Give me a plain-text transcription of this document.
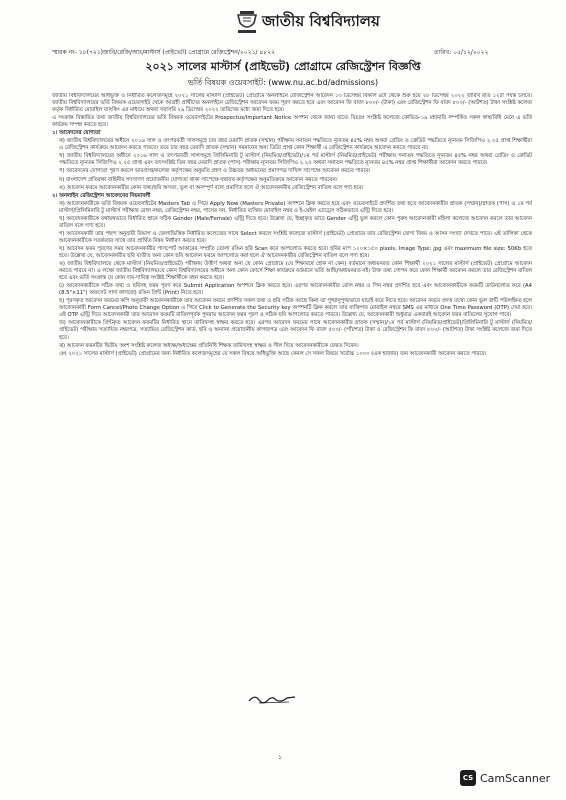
জাতীয় বিশ্ববিদ্যালয়
স্মারক নং- ১৮(৭২১)জাবি/রেজি/আঃ/মাস্টার্স (প্রাইভেট) প্রোগ্রামে রেজিস্ট্রেশন/২০২১/ ৪৮২২	তারিখ: ০৫/১২/২০২২
২০২১ সালের মাস্টার্স (প্রাইভেট) প্রোগ্রামে রেজিস্ট্রেশন বিজ্ঞপ্তি
ভর্তি বিষয়ক ওয়েবসাইট: (www.nu.ac.bd/admissions)

জাতীয় বিশ্ববিদ্যালয়ের অধিভুক্ত ও নির্ধারিত কলেজসমূহে ২০২১ সালের মাস্টার্স (প্রাইভেট) প্রোগ্রামে অনলাইনে রেজিস্ট্রেশন আবেদন ১৩ ডিসেম্বর বিকাল ৪টা থেকে শুরু হয়ে ২৮ ডিসেম্বর ২০২২ তারিখ রাত ১২টা পর্যন্ত চলবে। জাতীয় বিশ্ববিদ্যালয়ের ভর্তি বিষয়ক ওয়েবসাইট থেকে আগ্রহী প্রার্থীদের অনলাইনে রেজিস্ট্রেশন আবেদন ফরম পূরণ করতে হবে এবং আবেদন ফি বাবদ ৮০০/- (টাকা) এবং রেজিস্ট্রেশন ফি বাবদ ৮০০/- (আটশত) টাকা সংশ্লিষ্ট কলেজ কর্তৃক নির্ধারিত মোবাইল ব্যাংকিং এর মাধ্যমে অথবা সরাসরি ২৯ ডিসেম্বর ২০২২ তারিখের মধ্যে জমা দিতে হবে।

এ সংক্রান্ত বিস্তারিত তথ্য জাতীয় বিশ্ববিদ্যালয়ের ভর্তি বিষয়ক ওয়েবসাইটের Prospectus/Important Notice অপশন থেকে জানা যাবে। বিঃদ্রঃ সংশ্লিষ্ট কলেজে কোভিড-১৯ মহামারি সম্পর্কিত সকল স্বাস্থ্যবিধি মেনে এ ভর্তি কার্যক্রম সম্পন্ন করতে হবে।

১। আবেদনের যোগ্যতা

ক) জাতীয় বিশ্ববিদ্যালয়ের অধীনে ২০১৬ সাল ও তৎপরবর্তী সালসমূহে চার বছর মেয়াদি স্নাতক (সম্মান) পরীক্ষায় সনাতন পদ্ধতিতে ন্যূনতম ৪৫% নম্বর অথবা গ্রেডিং ও ক্রেডিট পদ্ধতিতে ন্যূনতম সিজিপিএ ২.২৫ প্রাপ্ত শিক্ষার্থীরা এ রেজিস্ট্রেশন কার্যক্রমে আবেদন করতে পারবে। তবে চার বছর মেয়াদি স্নাতক (সম্মান) সমমানের অন্য ডিগ্রি প্রাপ্ত কোন শিক্ষার্থী এ রেজিস্ট্রেশন কার্যক্রমে আবেদন করতে পারবে না।

খ) জাতীয় বিশ্ববিদ্যালয়ের অধীনে ২০১৬ সাল ও তৎপরবর্তী সালসমূহে প্রিলিমিনারি টু মাস্টার্স (নিয়মিত/প্রাইভেট)/১ম পর্ব মাস্টার্স (নিয়মিত/প্রাইভেট) পরীক্ষায় সনাতন পদ্ধতিতে ন্যূনতম ৪৫% নম্বর অথবা গ্রেডিং ও ক্রেডিট পদ্ধতিতে ন্যূনতম সিজিপিএ ২.২৫ প্রাপ্ত এবং তৎসংশ্লিষ্ট তিন বছর মেয়াদি স্নাতক (পাস) পরীক্ষায় ন্যূনতম সিজিপিএ ২.২৫ অথবা সনাতন পদ্ধতিতে ন্যূনতম ৪৫% নম্বর প্রাপ্ত শিক্ষার্থীরা আবেদন করতে পারবে।

গ) আবেদনের যোগ্যতা পূরণ করলে ভারপ্রাপ্ত/কলেজ কর্তৃপক্ষের অনুমতি গ্রহণ ও উচ্চতর অধ্যয়নের প্রমাণপত্র দাখিল সাপেক্ষে আবেদন করতে পারবে।

ঘ) বাংলাদেশ প্রতিরক্ষা বাহিনীর সদস্যগণ প্রয়োজনীয় যোগ্যতা থাকা সাপেক্ষে যথাযথ কর্তৃপক্ষের অনুমতিক্রমে আবেদন করতে পারবেন।

ঙ) আবেদন ফরমে আবেদনকারীর কোন তথ্য/ছবি অসত্য, ভুল বা অসম্পূর্ণ বলে প্রমাণিত হলে ঐ আবেদনকারীর রেজিস্ট্রেশন বাতিল বলে গণ্য হবে।

২। অনলাইন রেজিস্ট্রেশন আবেদনের নিয়মাবলী

ক) আবেদনকারীকে ভর্তি বিষয়ক ওয়েবসাইটের Masters Tab এ গিয়ে Apply Now (Masters Private) অপশনে ক্লিক করতে হবে এবং ওয়েবসাইটে প্রদর্শিত তথ্য হতে আবেদনকারীর স্নাতক (সম্মান)/স্নাতক (পাস) ও ১ম পর্ব মাস্টার্স/প্রিলিমিনারি টু মাস্টার্স পরীক্ষার রোল নম্বর, রেজিস্ট্রেশন নম্বর, পাসের সন, নির্ধারিত ব্যক্তির মোবাইল নম্বর ও ই-মেইল এ্যাড্রেস সঠিকভাবে এন্ট্রি দিতে হবে।

খ) আবেদনকারীকে যথাযথভাবে নির্ধারিত স্থানে সঠিক Gender (Male/Female) এন্ট্রি দিতে হবে। উল্লেখ্য যে, ইচ্ছাকৃত ভাবে Gender এন্ট্রি ভুল করলে কোন পুরুষ আবেদনকারী মহিলা কলেজে আবেদন করলে তার আবেদন বাতিল বলে গণ্য হবে।

গ) আবেদনকারী তার পছন্দ অনুযায়ী বিভাগ ও জেলাভিত্তিক নির্ধারিত কলেজের সাথে Select করলে সংশ্লিষ্ট কলেজে মাস্টার্স (প্রাইভেট) প্রোগ্রামে তার রেজিস্ট্রেশন যোগ্য বিষয় ও আসন সংখ্যা দেখতে পাবে। এই তালিকা থেকে আবেদনকারীকে সতর্কতার সাথে তার প্রার্থিত বিষয় নির্ধারণ করতে হবে।

ঘ) আবেদন ফরম পূরণের সময় আবেদনকারীর পাসপোর্ট আকারের সম্প্রতি তোলা রঙিন ছবি Scan করে আপলোড করতে হবে। ছবির মাপ ১২০×১৫০ pixels, Image Type: jpg এবং maximum file size: 50Kb হতে হবে। উল্লেখ্য যে, আবেদনকারীর ছবি ব্যতীত অন্য কোন ছবি আবেদন ফরমে আপলোড করা হলে ঐ আবেদনকারীর রেজিস্ট্রেশন বাতিল বলে গণ্য হবে।

ঙ) জাতীয় বিশ্ববিদ্যালয়ে থেকে মাস্টার্স (নিয়মিত/প্রাইভেট) পরীক্ষায় উত্তীর্ণ অথবা অন্য যে কোন প্রোগ্রামে (যে শিক্ষাবর্ষে হোক না কেন) বর্তমানে অধ্যয়নরত কোন শিক্ষার্থী ২০২১ সালের মাস্টার্স (প্রাইভেট) প্রোগ্রামে আবেদন করতে পারবে না। এ লক্ষ্যে জাতীয় বিশ্ববিদ্যালয়/যে কোন বিশ্ববিদ্যালয়ের অধীনে অন্য কোন কোর্সে শিক্ষা কার্যক্রমে বর্তমানে ভর্তি আছি/অধ্যয়নরত নই। উক্ত তথ্য গোপন করে কোন শিক্ষার্থী আবেদন করলে তার রেজিস্ট্রেশন বাতিল হবে এবং ভর্তি সংক্রান্ত যে কোন দায়-দায়িত্ব সংশ্লিষ্ট শিক্ষার্থীকে বহন করতে হবে।

চ) আবেদনকারীকে সঠিক তথ্য ও ছবিসহ ফরম পূরণ করে Submit Application অপশনে ক্লিক করতে হবে। এরপর আবেদনকারীর রোল নম্বর ও পিন নম্বর প্রদর্শিত হবে এবং আবেদনকারীকে ফরমটি ডাউনলোড করে (A4 (8.5"×11") অফসেট সাদা কাগজে) রঙিন প্রিন্ট (Print) নিতে হবে।

ছ) পূরণকৃত আবেদন ফরমের কপি অনুযায়ী আবেদনকারীকে তার আবেদন ফরমে প্রদর্শিত সকল তথ্য ও ছবি সঠিক আছে কিনা তা পুঙ্খানুপুঙ্খভাবে যাচাই করে নিতে হবে। আবেদন ফরমে প্রদত্ত তথ্যে কোন ভুল ত্রুটি পরিলক্ষিত হলে আবেদনকারী Form Cancel/Photo Change Option এ গিয়ে Click to Generate the Security key অপশনটি ক্লিক করলে তার ব্যক্তিগত মোবাইল নম্বরে SMS এর মাধ্যমে One Time Password (OTP) দেয়া হবে। এই OTP এন্ট্রি দিয়ে আবেদনকারী তার আবেদন ফরমটি বাতিলপূর্বক পুনরায় আবেদন ফরম পূরণ ও সঠিক ছবি আপলোড করতে পারবে। উল্লেখ্য যে, আবেদনকারী শুধুমাত্র একবারই আবেদন ফরম বাতিলের সুযোগ পাবে।

জ) আবেদনকারীকে প্রিন্টকৃত আবেদন ফরমটির নির্ধারিত স্থানে তারিখসহ স্বাক্ষর করতে হবে। এরপর আবেদন ফরমের সাথে আবেদনকারীর স্নাতক (সম্মান)/১ম পর্ব মাস্টার্স (নিয়মিত/প্রাইভেট)/প্রিলিমিনারি টু মাস্টার্স (নিয়মিত/প্রাইভেট) পরীক্ষার সত্যায়িত নম্বরপত্র, সত্যায়িত রেজিস্ট্রেশন কার্ড, ছবি ও অন্যান্য প্রয়োজনীয় কাগজপত্র এবং আবেদন ফি বাবদ ৫০০/- (পাঁচশত) টাকা ও রেজিস্ট্রেশন ফি বাবদ ৮০০/- (আটশত) টাকা সংশ্লিষ্ট কলেজে জমা দিতে হবে।

ঝ) আবেদন ফরমটির দ্বিতীয় অংশ সংশ্লিষ্ট কলেজ অধ্যক্ষ/অধ্যক্ষের প্রতিনিধি শিক্ষক তারিখসহ স্বাক্ষর ও সীল দিয়ে আবেদনকারীকে ফেরত দিবেন।

ঞ) ২০২১ সালের মাস্টার্স (প্রাইভেট) প্রোগ্রামের জন্য নির্ধারিত কলেজসমূহের যে সকল বিষয়ে অধিভুক্তি আছে কেবল সে সকল বিষয়ে সর্বোচ্চ ১০০০ (এক হাজার) জন আবেদনকারী আবেদন করতে পারবে।

১
CS CamScanner
